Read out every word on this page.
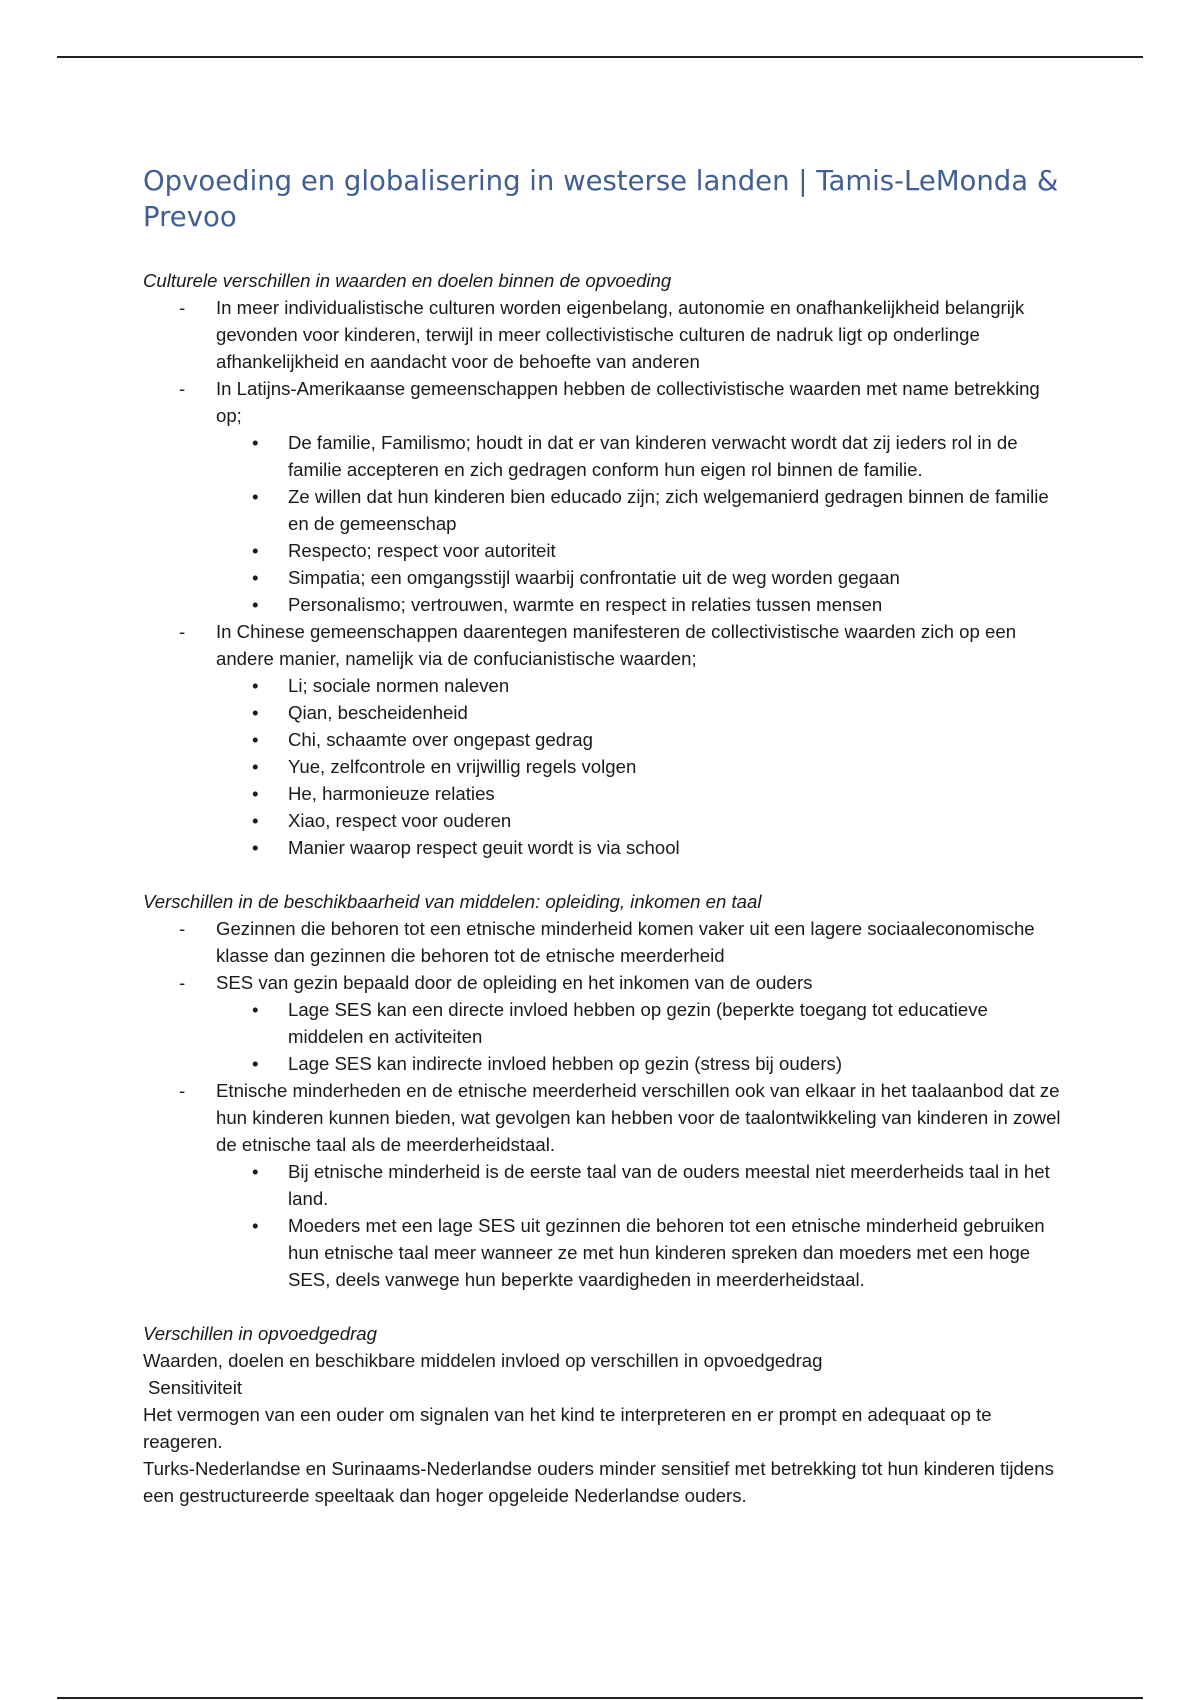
Opvoeding en globalisering in westerse landen | Tamis-LeMonda & Prevoo

Culturele verschillen in waarden en doelen binnen de opvoeding

- In meer individualistische culturen worden eigenbelang, autonomie en onafhankelijkheid belangrijk gevonden voor kinderen, terwijl in meer collectivistische culturen de nadruk ligt op onderlinge afhankelijkheid en aandacht voor de behoefte van anderen
- In Latijns-Amerikaanse gemeenschappen hebben de collectivistische waarden met name betrekking op;
• De familie, Familismo; houdt in dat er van kinderen verwacht wordt dat zij ieders rol in de familie accepteren en zich gedragen conform hun eigen rol binnen de familie.
• Ze willen dat hun kinderen bien educado zijn; zich welgemanierd gedragen binnen de familie en de gemeenschap
• Respecto; respect voor autoriteit
• Simpatia; een omgangsstijl waarbij confrontatie uit de weg worden gegaan
• Personalismo; vertrouwen, warmte en respect in relaties tussen mensen
- In Chinese gemeenschappen daarentegen manifesteren de collectivistische waarden zich op een andere manier, namelijk via de confucianistische waarden;
• Li; sociale normen naleven
• Qian, bescheidenheid
• Chi, schaamte over ongepast gedrag
• Yue, zelfcontrole en vrijwillig regels volgen
• He, harmonieuze relaties
• Xiao, respect voor ouderen
• Manier waarop respect geuit wordt is via school

Verschillen in de beschikbaarheid van middelen: opleiding, inkomen en taal

- Gezinnen die behoren tot een etnische minderheid komen vaker uit een lagere sociaaleconomische klasse dan gezinnen die behoren tot de etnische meerderheid
- SES van gezin bepaald door de opleiding en het inkomen van de ouders
• Lage SES kan een directe invloed hebben op gezin (beperkte toegang tot educatieve middelen en activiteiten
• Lage SES kan indirecte invloed hebben op gezin (stress bij ouders)
- Etnische minderheden en de etnische meerderheid verschillen ook van elkaar in het taalaanbod dat ze hun kinderen kunnen bieden, wat gevolgen kan hebben voor de taalontwikkeling van kinderen in zowel de etnische taal als de meerderheidstaal.
• Bij etnische minderheid is de eerste taal van de ouders meestal niet meerderheids taal in het land.
• Moeders met een lage SES uit gezinnen die behoren tot een etnische minderheid gebruiken hun etnische taal meer wanneer ze met hun kinderen spreken dan moeders met een hoge SES, deels vanwege hun beperkte vaardigheden in meerderheidstaal.

Verschillen in opvoedgedrag

Waarden, doelen en beschikbare middelen invloed op verschillen in opvoedgedrag

Sensitiviteit

Het vermogen van een ouder om signalen van het kind te interpreteren en er prompt en adequaat op te reageren.

Turks-Nederlandse en Surinaams-Nederlandse ouders minder sensitief met betrekking tot hun kinderen tijdens een gestructureerde speeltaak dan hoger opgeleide Nederlandse ouders.
